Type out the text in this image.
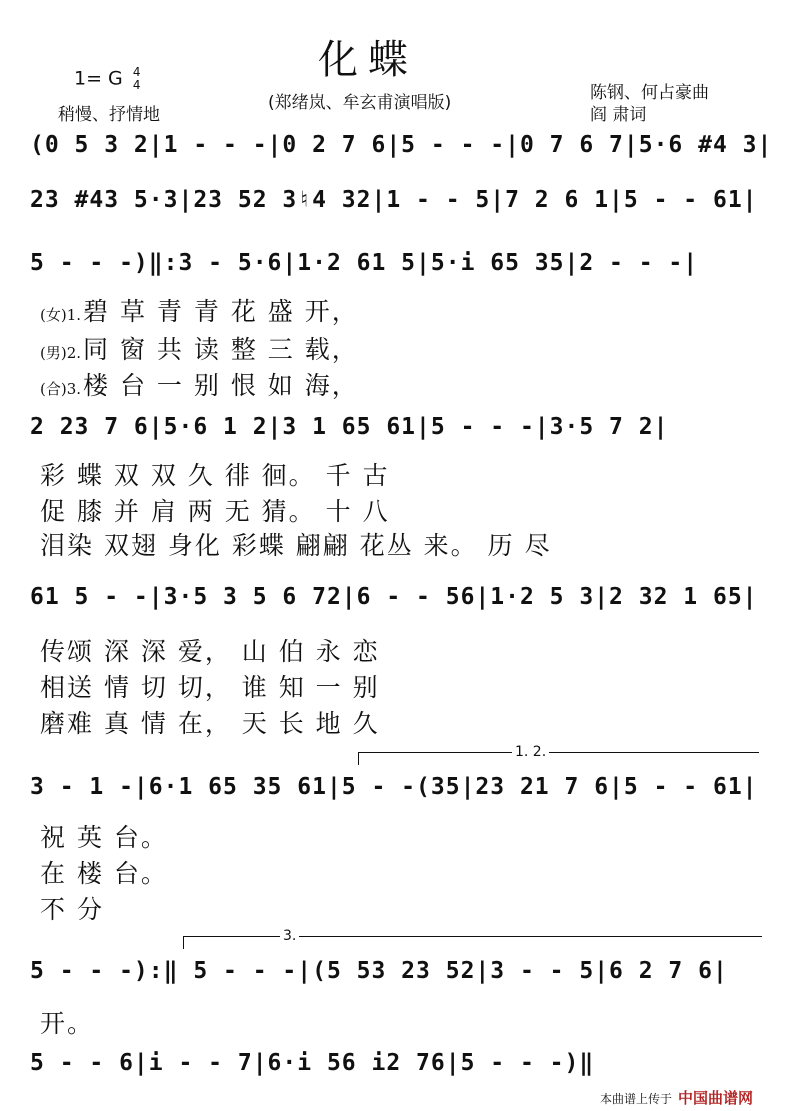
化蝶
1= G 4
4
稍慢、抒情地
(郑绪岚、牟玄甫演唱版)	陈钢、何占豪曲
阎 肃词
(0 5 3 2|1 - - -|0 2 7 6|5 - - -|0 7 6 7|5·6 #4 3|
23 #43 5·3|23 52 3♮4 32|1 - - 5|7 2 6 1|5 - - 61|
5 - - -)‖:3 - 5·6|1·2 61 5|5·i 65 35|2 - - -|
(女)1.碧 草 青 青 花 盛 开，
(男)2.同 窗 共 读 整 三 载，
(合)3.楼 台 一 别 恨 如 海，
2 23 7 6|5·6 1 2|3 1 65 61|5 - - -|3·5 7 2|
彩 蝶 双 双 久 徘 徊。 千 古
促 膝 并 肩 两 无 猜。 十 八
泪染 双翅 身化 彩蝶 翩翩 花丛 来。 历 尽
61 5 - -|3·5 3 5 6 72|6 - - 56|1·2 5 3|2 32 1 65|
传颂 深 深 爱， 山 伯 永 恋
相送 情 切 切， 谁 知 一 别
磨难 真 情 在， 天 长 地 久
1. 2.
3 - 1 -|6·1 65 35 61|5 - -(35|23 21 7 6|5 - - 61|
祝 英 台。
在 楼 台。
不 分
3.
5 - - -):‖ 5 - - -|(5 53 23 52|3 - - 5|6 2 7 6|
开。
5 - - 6|i - - 7|6·i 56 i2 76|5 - - -)‖
本曲谱上传于 中国曲谱网
